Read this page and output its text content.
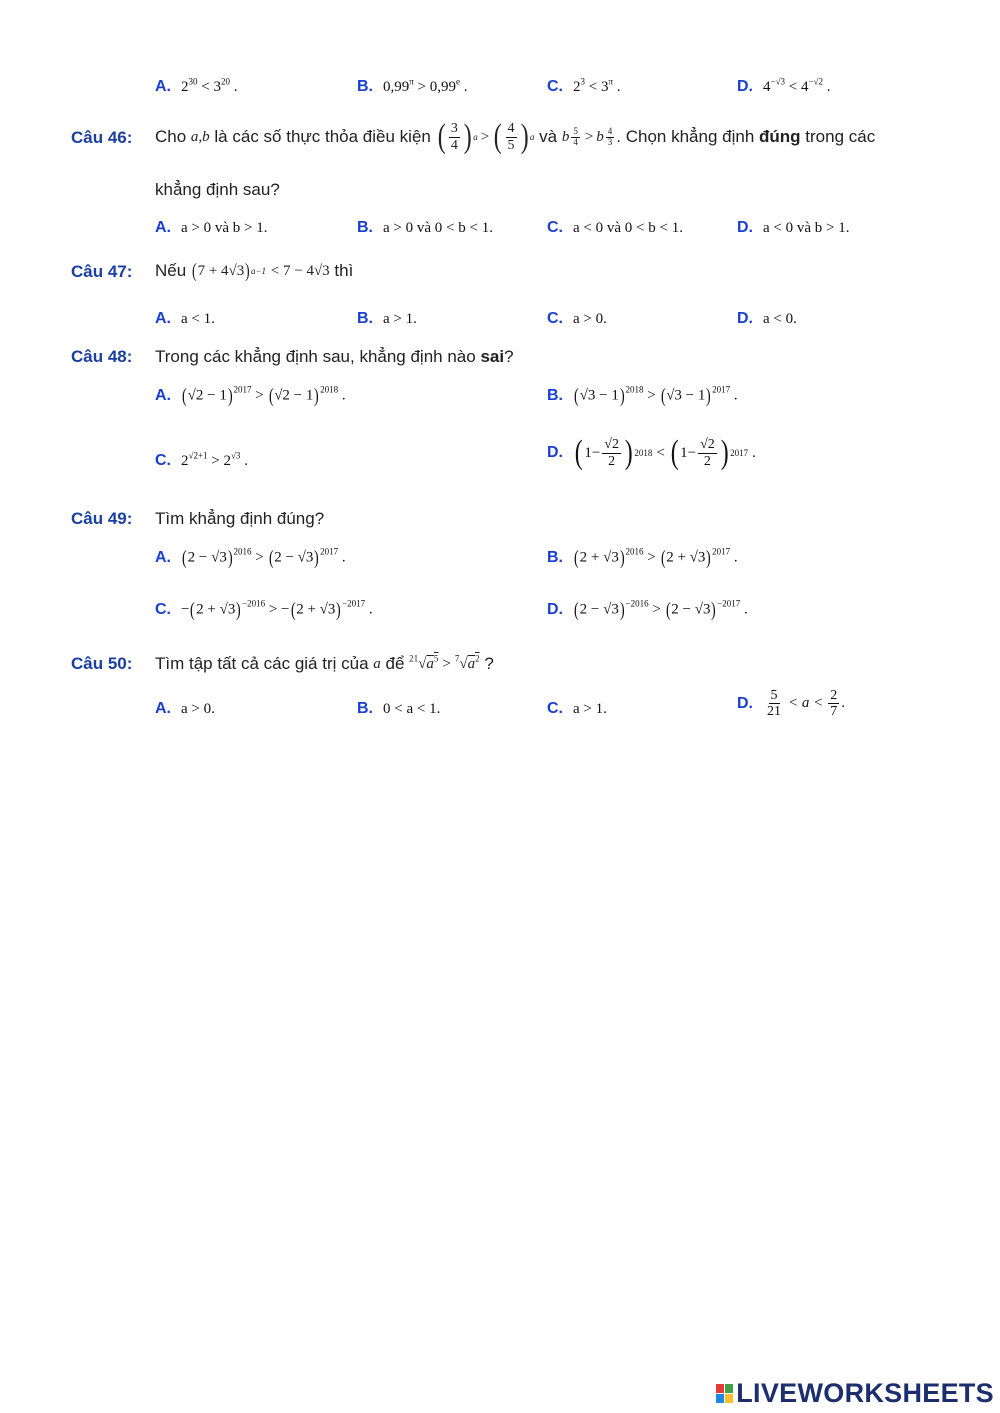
A. $2^{30} < 3^{20}$ .	B. $0,99^\pi > 0,99^e$ .	C. $2^3 < 3^\pi$ .	D. $4^{-√3} < 4^{-√2}$ .
Câu 46: Cho
a,b
là các số thực thỏa điều kiện
( $\frac{3}{4}$ ) a > ( $\frac{4}{5}$ ) a
và
b $\frac{5}{4} > b \frac{4}{3}$ . Chọn khẳng định
đúng
trong các
khẳng định sau?
A. a > 0 và b > 1.	B. a > 0 và 0 < b < 1.	C. a < 0 và 0 < b < 1.	D. a < 0 và b > 1.
Câu 47: Nếu
( 7 + 4√3 ) a−1
< 7 − 4√3
thì
A. a < 1.	B. a > 1.	C. a > 0.	D. a < 0.
Câu 48: Trong các khẳng định sau, khẳng định nào sai?
A. $(√2 - 1)^{2017} > (√2 - 1)^{2018}$ .	B. $(√3 - 1)^{2018} > (√3 - 1)^{2017}$ .
C. $2^{√2+1} > 2^{√3}$ .	D. ( $1- \frac{√2}{2}$ ) 2018 < ( $1- \frac{√2}{2}$ ) 2017 .
Câu 49: Tìm khẳng định đúng?
A. $(2 - √3)^{2016} > (2 - √3)^{2017}$ .	B. $(2 + √3)^{2016} > (2 + √3)^{2017}$ .
C. $-(2 + √3)^{-2016} > -(2 + √3)^{-2017}$ .	D. $(2 - √3)^{-2016} > (2 - √3)^{-2017}$ .
Câu 50: Tìm tập tất cả các giá trị của
a
để
$^{21}√a^5 > ^7√a^2$
?
A. a > 0.	B. 0 < a < 1.	C. a > 1.	D. $\frac{5}{21} < a < \frac{2}{7}$ .
LIVEWORKSHEETS
